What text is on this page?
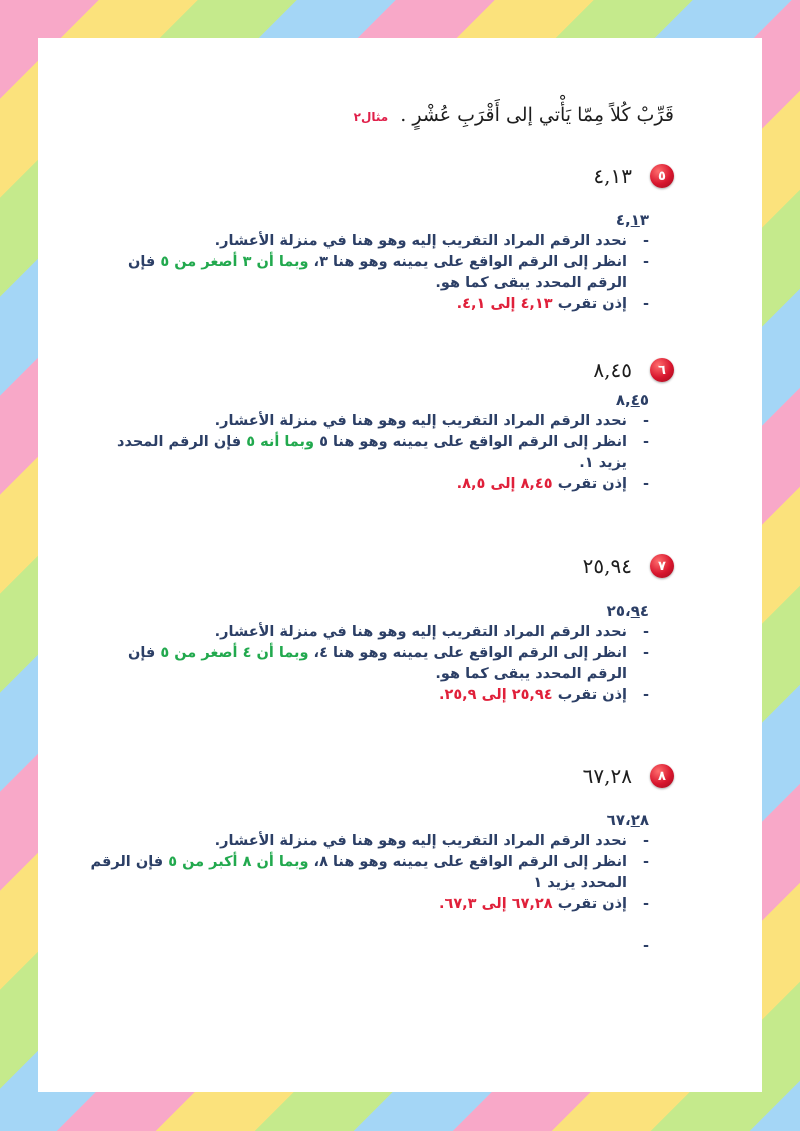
قَرِّبْ كُلاً مِمّا يَأْتي إلى أَقْرَبِ عُشْرٍ . مثال٢
٥
٤,١٣
٤,١٣

- نحدد الرقم المراد التقريب إليه وهو هنا في منزلة الأعشار.

- انظر إلى الرقم الواقع على يمينه وهو هنا ٣، وبما أن ٣ أصغر من ٥ فإن الرقم المحدد يبقى كما هو.

- إذن تقرب ٤,١٣ إلى ٤,١.

٦
٨,٤٥
٨,٤٥

- نحدد الرقم المراد التقريب إليه وهو هنا في منزلة الأعشار.

- انظر إلى الرقم الواقع على يمينه وهو هنا ٥ وبما أنه ٥ فإن الرقم المحدد يزيد ١.

- إذن تقرب ٨,٤٥ إلى ٨,٥.

٧
٢٥,٩٤
٢٥،٩٤

- نحدد الرقم المراد التقريب إليه وهو هنا في منزلة الأعشار.

- انظر إلى الرقم الواقع على يمينه وهو هنا ٤، وبما أن ٤ أصغر من ٥ فإن الرقم المحدد يبقى كما هو.

- إذن تقرب ٢٥,٩٤ إلى ٢٥,٩.

٨
٦٧,٢٨
٦٧،٢٨

- نحدد الرقم المراد التقريب إليه وهو هنا في منزلة الأعشار.

- انظر إلى الرقم الواقع على يمينه وهو هنا ٨، وبما أن ٨ أكبر من ٥ فإن الرقم المحدد يزيد ١

- إذن تقرب ٦٧,٢٨ إلى ٦٧,٣.

-
